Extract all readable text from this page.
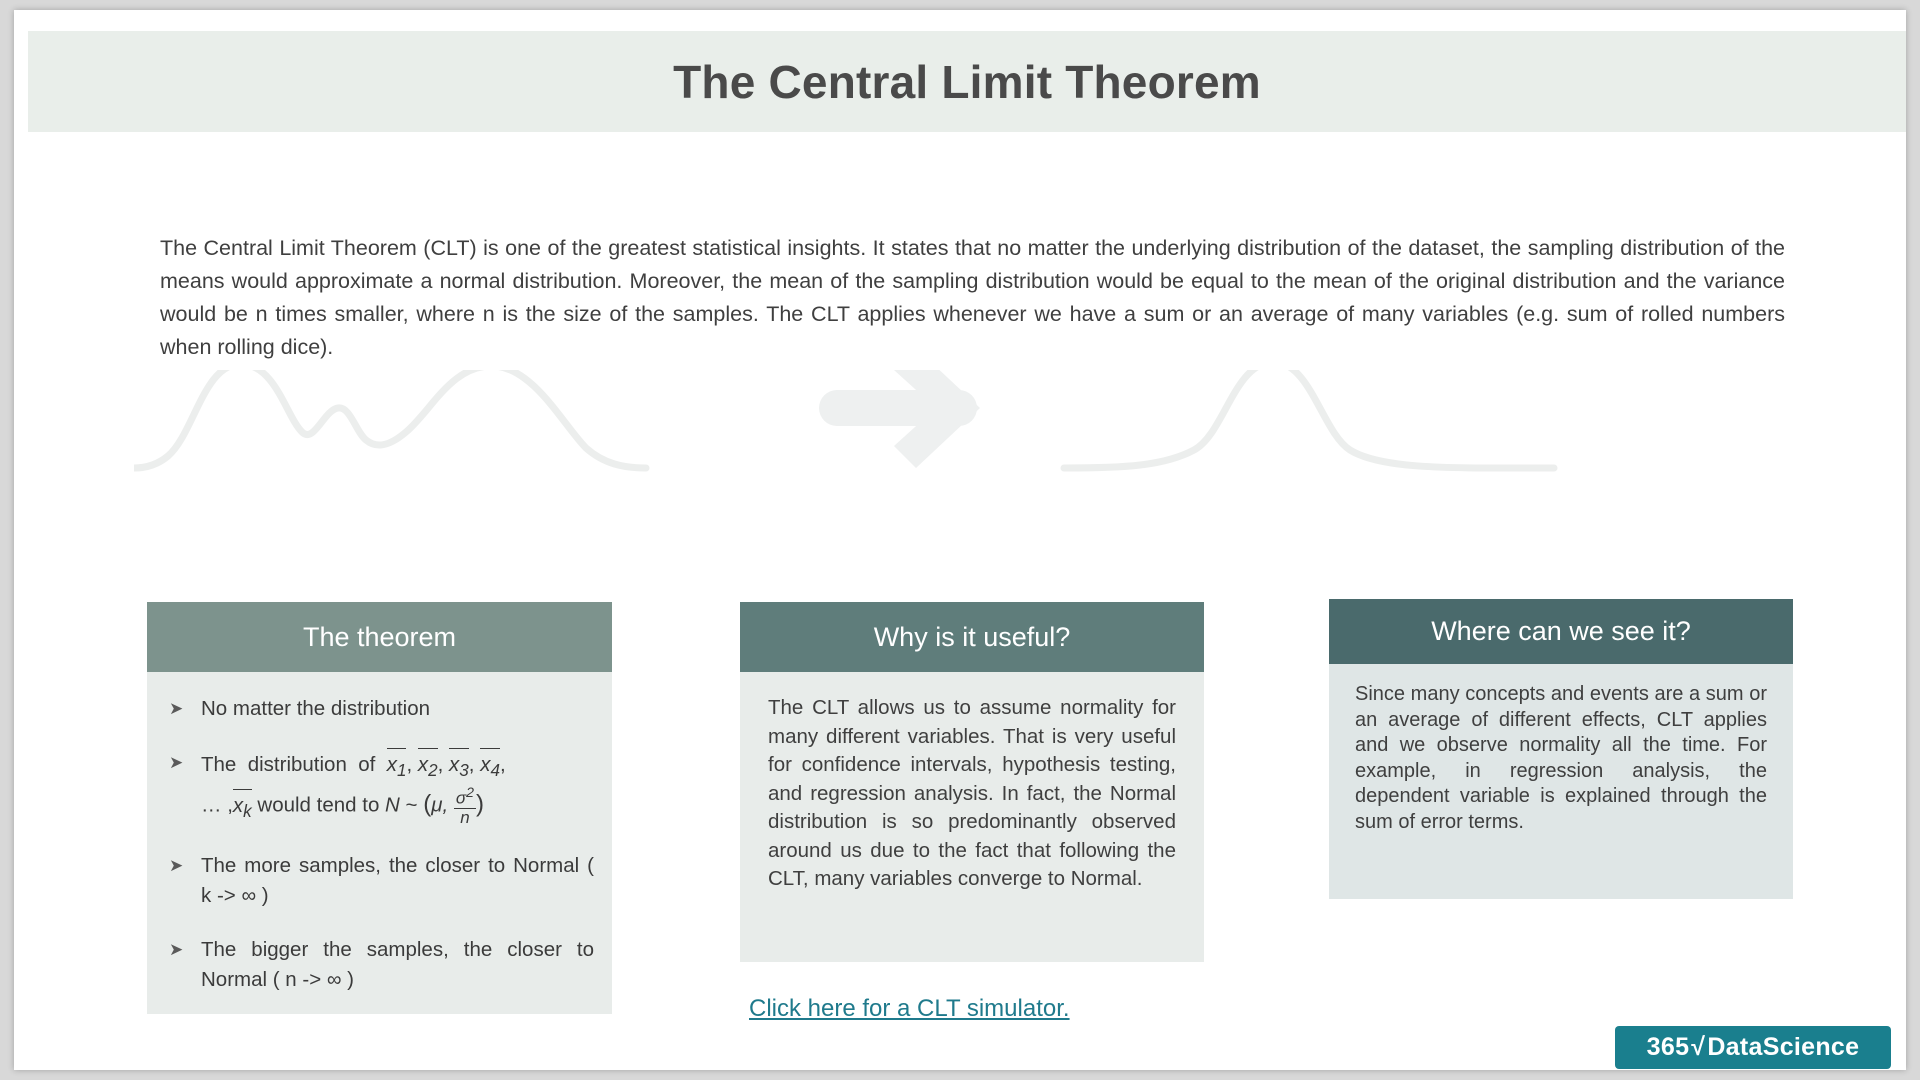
The Central Limit Theorem
The Central Limit Theorem (CLT) is one of the greatest statistical insights. It states that no matter the underlying distribution of the dataset, the sampling distribution of the means would approximate a normal distribution. Moreover, the mean of the sampling distribution would be equal to the mean of the original distribution and the variance would be n times smaller, where n is the size of the samples. The CLT applies whenever we have a sum or an average of many variables (e.g. sum of rolled numbers when rolling dice).
The theorem
➤ No matter the distribution
➤ The  distribution  of  $x_1$, $x_2$, $x_3$, $x_4$,
… $,x_k$ would tend to N ~ (μ, $\frac{\sigma^2}{n}$ )
➤ The more samples, the closer to Normal ( k -> ∞ )
➤ The bigger the samples, the closer to Normal ( n -> ∞ )
Why is it useful?
The CLT allows us to assume normality for many different variables. That is very useful for confidence intervals, hypothesis testing, and regression analysis. In fact, the Normal distribution is so predominantly observed around us due to the fact that following the CLT, many variables converge to Normal.
Click here for a CLT simulator.
Where can we see it?
Since many concepts and events are a sum or an average of different effects, CLT applies and we observe normality all the time. For example, in regression analysis, the dependent variable is explained through the sum of error terms.
365 √ DataScience
